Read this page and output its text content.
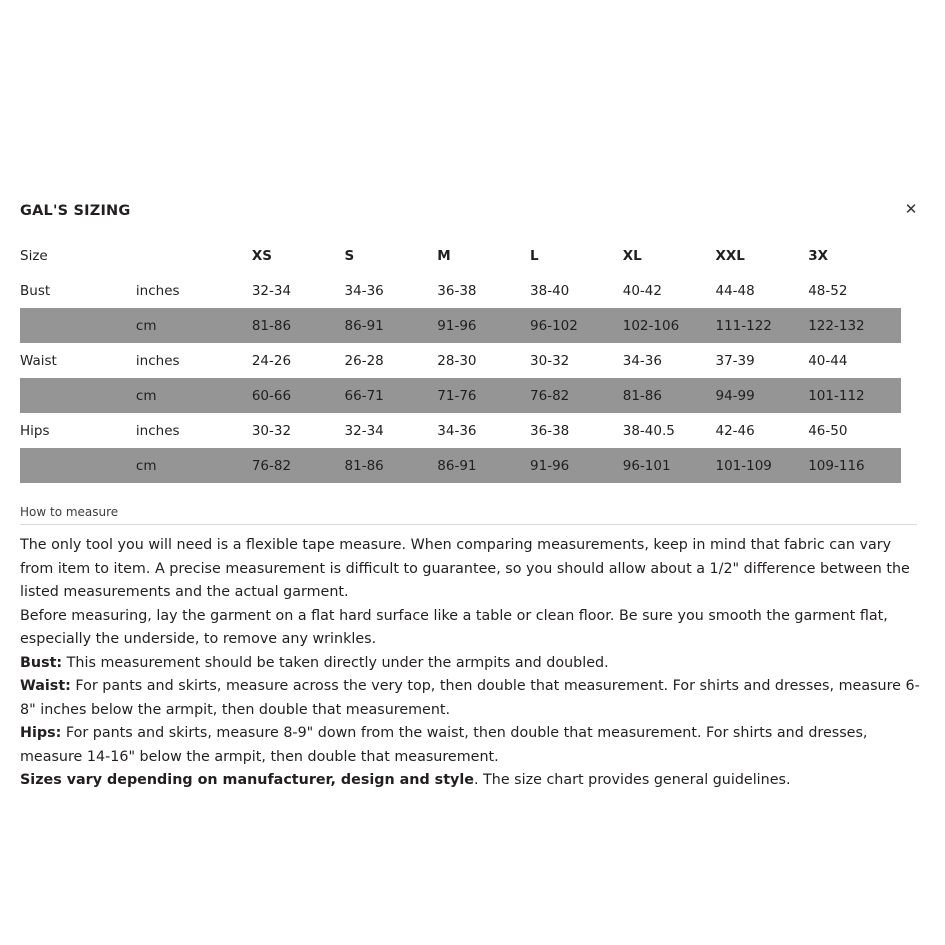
GAL'S SIZING	✕
Size		XS	S	M	L	XL	XXL	3X
Bust	inches	32-34	34-36	36-38	38-40	40-42	44-48	48-52
	cm	81-86	86-91	91-96	96-102	102-106	111-122	122-132
Waist	inches	24-26	26-28	28-30	30-32	34-36	37-39	40-44
	cm	60-66	66-71	71-76	76-82	81-86	94-99	101-112
Hips	inches	30-32	32-34	34-36	36-38	38-40.5	42-46	46-50
	cm	76-82	81-86	86-91	91-96	96-101	101-109	109-116
How to measure

The only tool you will need is a flexible tape measure. When comparing measurements, keep in mind that fabric can vary from item to item. A precise measurement is difficult to guarantee, so you should allow about a 1/2" difference between the listed measurements and the actual garment.

Before measuring, lay the garment on a flat hard surface like a table or clean floor. Be sure you smooth the garment flat, especially the underside, to remove any wrinkles.

Bust: This measurement should be taken directly under the armpits and doubled.

Waist: For pants and skirts, measure across the very top, then double that measurement. For shirts and dresses, measure 6-8" inches below the armpit, then double that measurement.

Hips: For pants and skirts, measure 8-9" down from the waist, then double that measurement. For shirts and dresses, measure 14-16" below the armpit, then double that measurement.

Sizes vary depending on manufacturer, design and style. The size chart provides general guidelines.
